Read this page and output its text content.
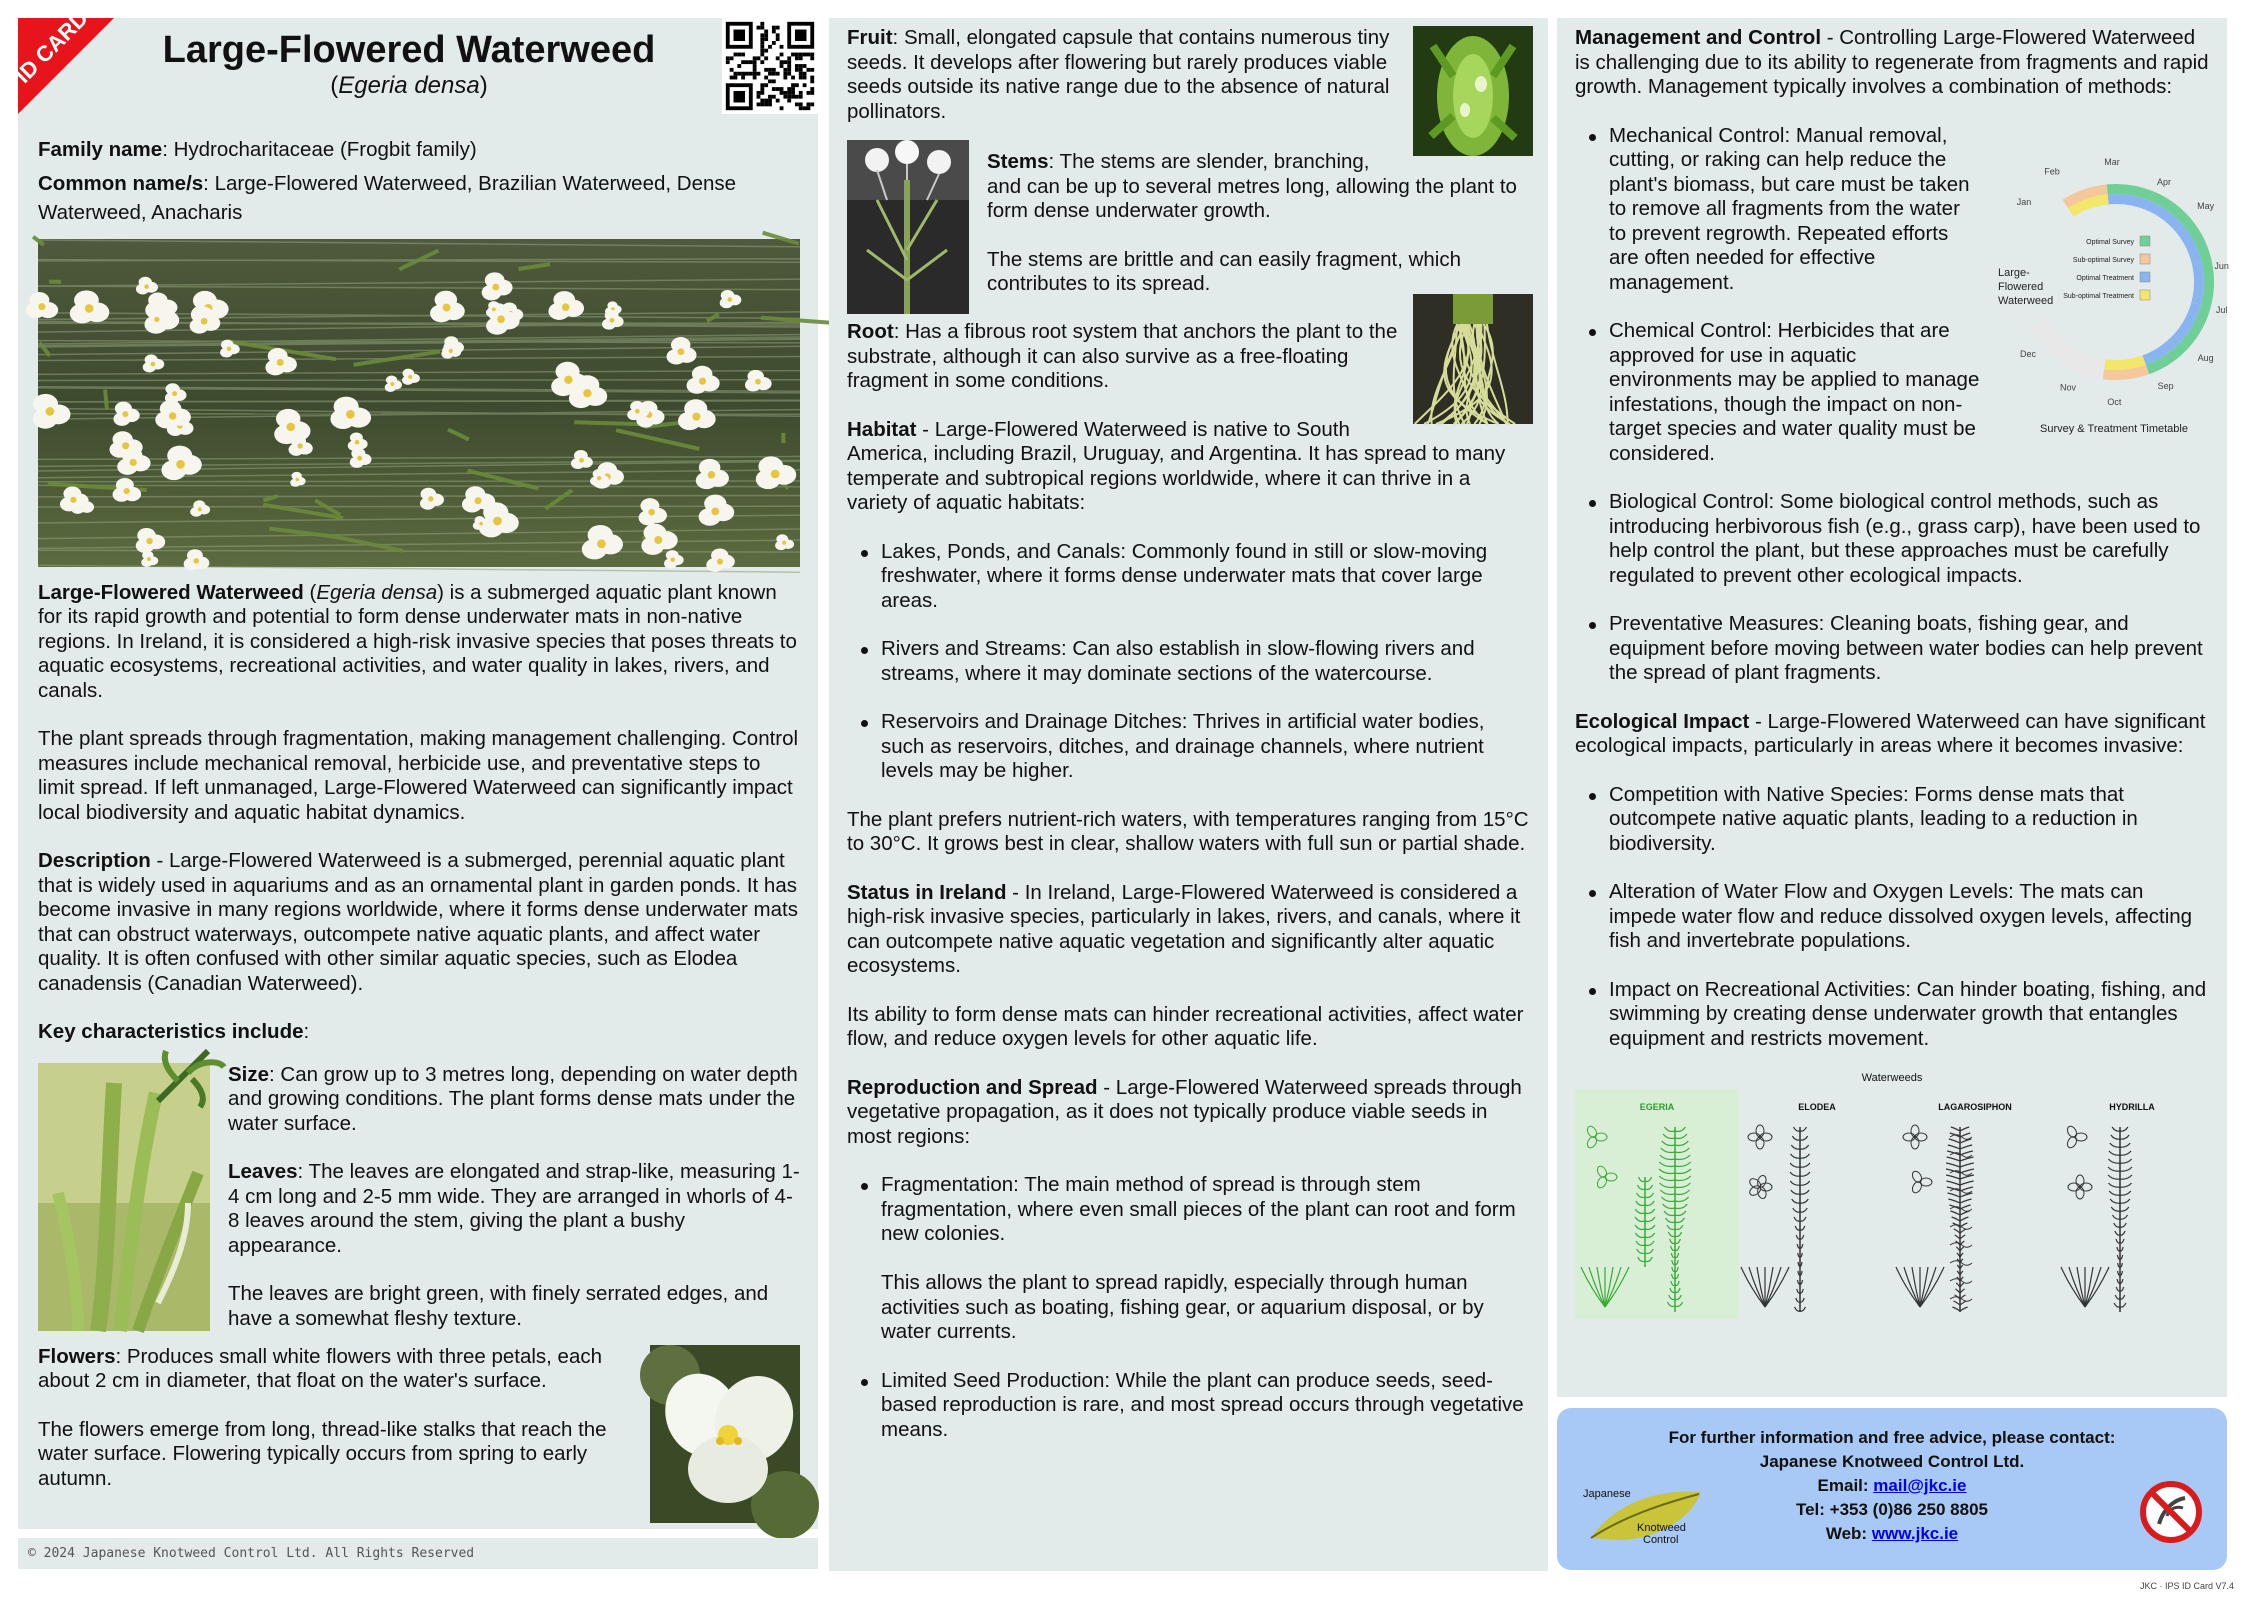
ID CARD	Large-Flowered Waterweed
(Egeria densa)

Family name: Hydrocharitaceae (Frogbit family)

Common name/s: Large-Flowered Waterweed, Brazilian Waterweed, Dense Waterweed, Anacharis

Large-Flowered Waterweed (Egeria densa) is a submerged aquatic plant known for its rapid growth and potential to form dense underwater mats in non-native regions. In Ireland, it is considered a high-risk invasive species that poses threats to aquatic ecosystems, recreational activities, and water quality in lakes, rivers, and canals.

The plant spreads through fragmentation, making management challenging. Control measures include mechanical removal, herbicide use, and preventative steps to limit spread. If left unmanaged, Large-Flowered Waterweed can significantly impact local biodiversity and aquatic habitat dynamics.

Description - Large-Flowered Waterweed is a submerged, perennial aquatic plant that is widely used in aquariums and as an ornamental plant in garden ponds. It has become invasive in many regions worldwide, where it forms dense underwater mats that can obstruct waterways, outcompete native aquatic plants, and affect water quality. It is often confused with other similar aquatic species, such as Elodea canadensis (Canadian Waterweed).

Key characteristics include:

Size: Can grow up to 3 metres long, depending on water depth and growing conditions. The plant forms dense mats under the water surface.

Leaves: The leaves are elongated and strap-like, measuring 1-4 cm long and 2-5 mm wide. They are arranged in whorls of 4-8 leaves around the stem, giving the plant a bushy appearance.

The leaves are bright green, with finely serrated edges, and have a somewhat fleshy texture.

Flowers: Produces small white flowers with three petals, each about 2 cm in diameter, that float on the water's surface.

The flowers emerge from long, thread-like stalks that reach the water surface. Flowering typically occurs from spring to early autumn.

© 2024 Japanese Knotweed Control Ltd. All Rights Reserved

Fruit: Small, elongated capsule that contains numerous tiny seeds. It develops after flowering but rarely produces viable seeds outside its native range due to the absence of natural pollinators.

Stems: The stems are slender, branching, and can be up to several metres long, allowing the plant to form dense underwater growth.

The stems are brittle and can easily fragment, which contributes to its spread.

Root: Has a fibrous root system that anchors the plant to the substrate, although it can also survive as a free-floating fragment in some conditions.

Habitat - Large-Flowered Waterweed is native to South America, including Brazil, Uruguay, and Argentina. It has spread to many temperate and subtropical regions worldwide, where it can thrive in a variety of aquatic habitats:

Lakes, Ponds, and Canals: Commonly found in still or slow-moving freshwater, where it forms dense underwater mats that cover large areas.
Rivers and Streams: Can also establish in slow-flowing rivers and streams, where it may dominate sections of the watercourse.
Reservoirs and Drainage Ditches: Thrives in artificial water bodies, such as reservoirs, ditches, and drainage channels, where nutrient levels may be higher.

The plant prefers nutrient-rich waters, with temperatures ranging from 15°C to 30°C. It grows best in clear, shallow waters with full sun or partial shade.

Status in Ireland - In Ireland, Large-Flowered Waterweed is considered a high-risk invasive species, particularly in lakes, rivers, and canals, where it can outcompete native aquatic vegetation and significantly alter aquatic ecosystems.

Its ability to form dense mats can hinder recreational activities, affect water flow, and reduce oxygen levels for other aquatic life.

Reproduction and Spread - Large-Flowered Waterweed spreads through vegetative propagation, as it does not typically produce viable seeds in most regions:

Fragmentation: The main method of spread is through stem fragmentation, where even small pieces of the plant can root and form new colonies.

This allows the plant to spread rapidly, especially through human activities such as boating, fishing gear, or aquarium disposal, or by water currents.
Limited Seed Production: While the plant can produce seeds, seed-based reproduction is rare, and most spread occurs through vegetative means.

Management and Control - Controlling Large-Flowered Waterweed is challenging due to its ability to regenerate from fragments and rapid growth. Management typically involves a combination of methods:

Jan
Feb
Mar
Apr
May
Jun
Jul
Aug
Sep
Oct
Nov
Dec
Large-
Flowered
Waterweed
Optimal Survey
Sub-optimal Survey
Optimal Treatment
Sub-optimal Treatment
Survey & Treatment Timetable
Mechanical Control: Manual removal, cutting, or raking can help reduce the plant's biomass, but care must be taken to remove all fragments from the water to prevent regrowth. Repeated efforts are often needed for effective management.
Chemical Control: Herbicides that are approved for use in aquatic environments may be applied to manage infestations, though the impact on non-target species and water quality must be considered.
Biological Control: Some biological control methods, such as introducing herbivorous fish (e.g., grass carp), have been used to help control the plant, but these approaches must be carefully regulated to prevent other ecological impacts.
Preventative Measures: Cleaning boats, fishing gear, and equipment before moving between water bodies can help prevent the spread of plant fragments.

Ecological Impact - Large-Flowered Waterweed can have significant ecological impacts, particularly in areas where it becomes invasive:

Competition with Native Species: Forms dense mats that outcompete native aquatic plants, leading to a reduction in biodiversity.
Alteration of Water Flow and Oxygen Levels: The mats can impede water flow and reduce dissolved oxygen levels, affecting fish and invertebrate populations.
Impact on Recreational Activities: Can hinder boating, fishing, and swimming by creating dense underwater growth that entangles equipment and restricts movement.
Waterweeds
EGERIA	ELODEA	LAGAROSIPHON	HYDRILLA
For further information and free advice, please contact:
Japanese Knotweed Control Ltd.
Email: mail@jkc.ie
Tel: +353 (0)86 250 8805
Web: www.jkc.ie
Japanese
Knotweed
Control
JKC · IPS ID Card V7.4
